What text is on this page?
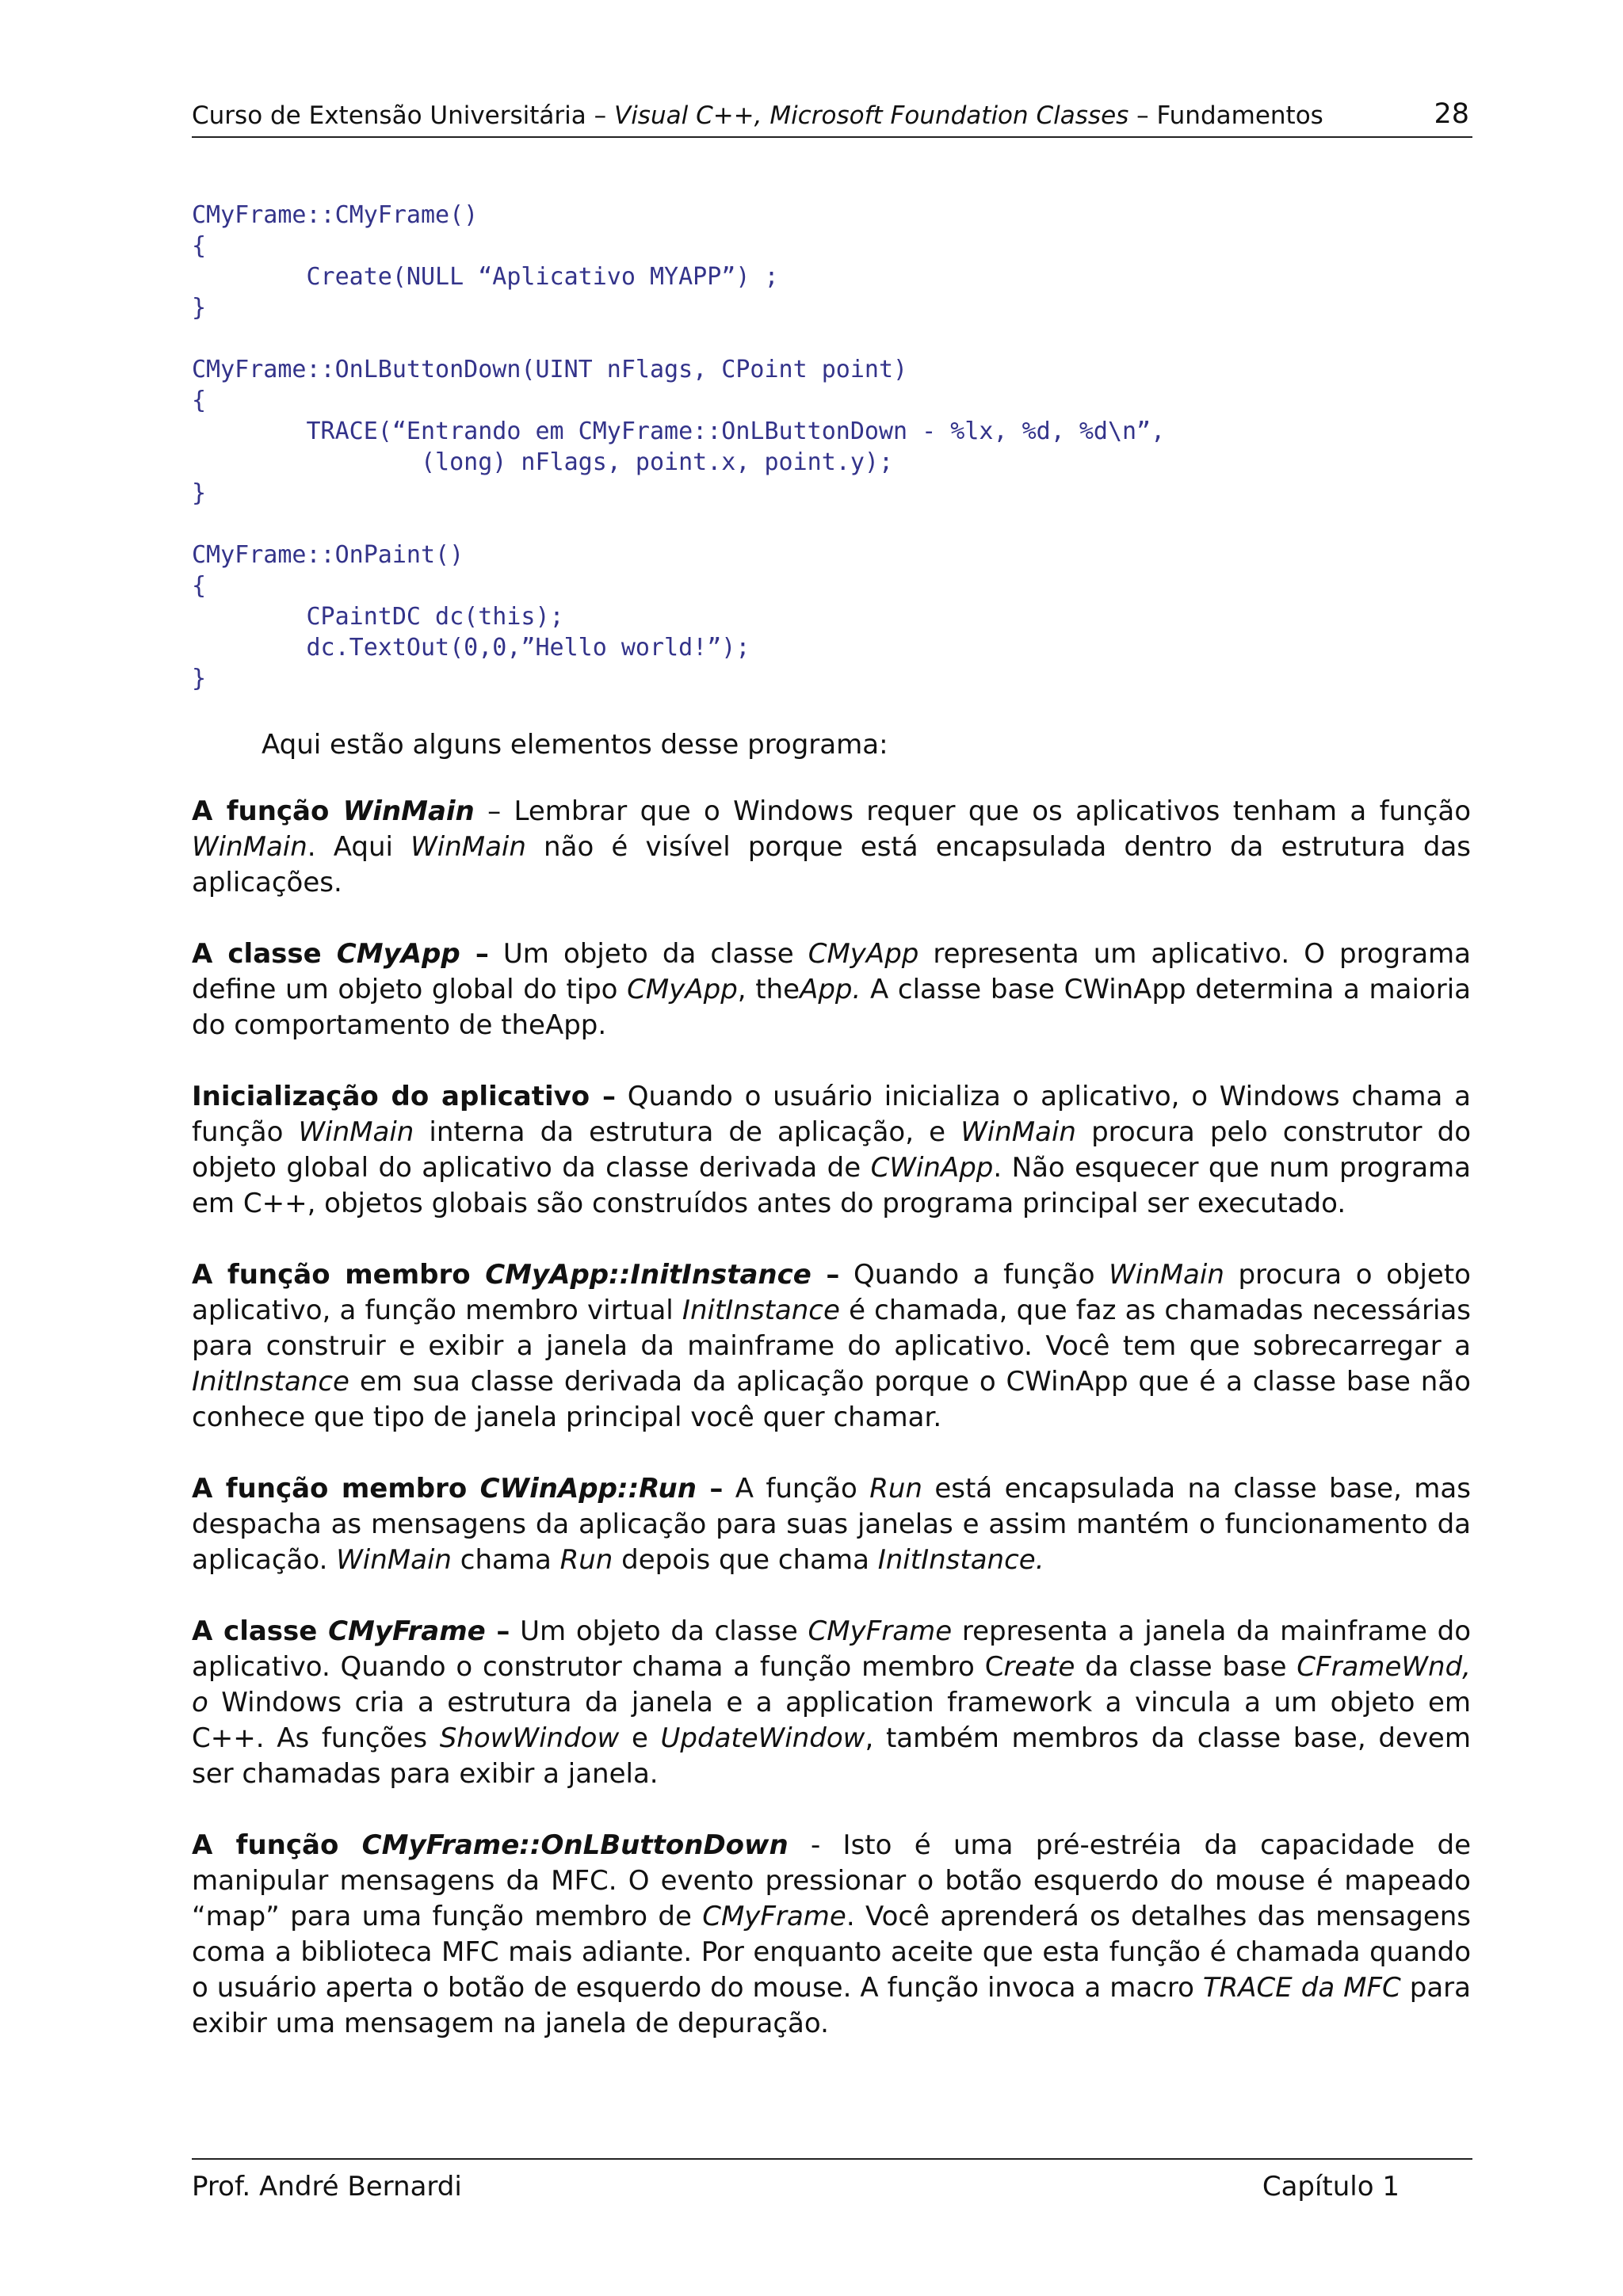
Curso de Extensão Universitária – Visual C++, Microsoft Foundation Classes – Fundamentos	28
CMyFrame::CMyFrame()
{
Create(NULL “Aplicativo MYAPP”) ;
}
CMyFrame::OnLButtonDown(UINT nFlags, CPoint point)
{
TRACE(“Entrando em CMyFrame::OnLButtonDown - %lx, %d, %d\n”,
(long) nFlags, point.x, point.y);
}
CMyFrame::OnPaint()
{
CPaintDC dc(this);
dc.TextOut(0,0,”Hello world!”);
}
Aqui estão alguns elementos desse programa:

A função WinMain – Lembrar que o Windows requer que os aplicativos tenham a função WinMain. Aqui WinMain não é visível porque está encapsulada dentro da estrutura das aplicações.

A classe CMyApp – Um objeto da classe CMyApp representa um aplicativo. O programa define um objeto global do tipo CMyApp, theApp. A classe base CWinApp determina a maioria do comportamento de theApp.

Inicialização do aplicativo – Quando o usuário inicializa o aplicativo, o Windows chama a função WinMain interna da estrutura de aplicação, e WinMain procura pelo construtor do objeto global do aplicativo da classe derivada de CWinApp. Não esquecer que num programa em C++, objetos globais são construídos antes do programa principal ser executado.

A função membro CMyApp::InitInstance – Quando a função WinMain procura o objeto aplicativo, a função membro virtual InitInstance é chamada, que faz as chamadas necessárias para construir e exibir a janela da mainframe do aplicativo. Você tem que sobrecarregar a InitInstance em sua classe derivada da aplicação porque o CWinApp que é a classe base não conhece que tipo de janela principal você quer chamar.

A função membro CWinApp::Run – A função Run está encapsulada na classe base, mas despacha as mensagens da aplicação para suas janelas e assim mantém o funcionamento da aplicação. WinMain chama Run depois que chama InitInstance.

A classe CMyFrame – Um objeto da classe CMyFrame representa a janela da mainframe do aplicativo. Quando o construtor chama a função membro Create da classe base CFrameWnd, o Windows cria a estrutura da janela e a application framework a vincula a um objeto em C++. As funções ShowWindow e UpdateWindow, também membros da classe base, devem ser chamadas para exibir a janela.

A função CMyFrame::OnLButtonDown - Isto é uma pré-estréia da capacidade de manipular mensagens da MFC. O evento pressionar o botão esquerdo do mouse é mapeado “map” para uma função membro de CMyFrame. Você aprenderá os detalhes das mensagens coma a biblioteca MFC mais adiante. Por enquanto aceite que esta função é chamada quando o usuário aperta o botão de esquerdo do mouse. A função invoca a macro TRACE da MFC para exibir uma mensagem na janela de depuração.

Prof. André Bernardi	Capítulo 1
